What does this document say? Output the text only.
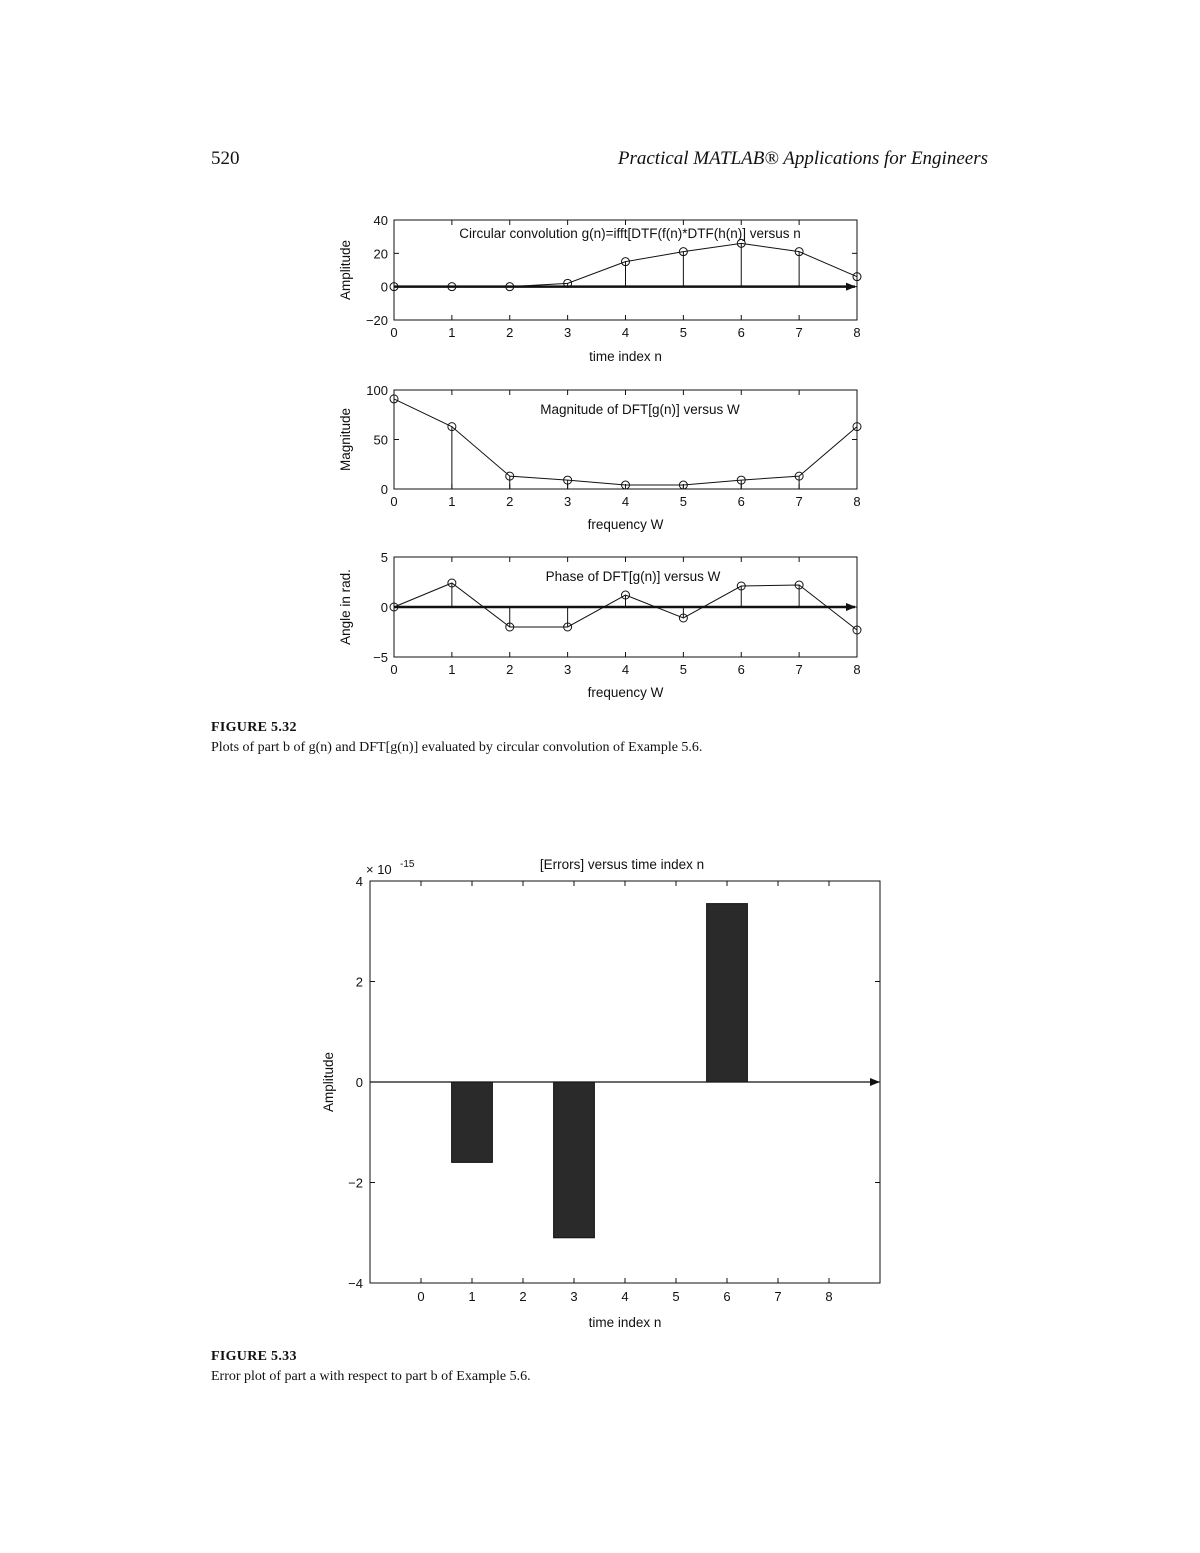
520	Practical MATLAB® Applications for Engineers
0	1	2	3	4	5	6	7	8
−20
0
20
40
Circular convolution g(n)=ifft[DTF(f(n)*DTF(h(n)] versus n
time index n
Amplitude
0	1	2	3	4	5	6	7	8
0
50
100
Magnitude of DFT[g(n)] versus W
frequency W
Magnitude
0	1	2	3	4	5	6	7	8
−5
0
5
Phase of DFT[g(n)] versus W
frequency W
Angle in rad.
0	1	2	3	4	5	6	7	8
−4
−2
0
2
4
[Errors] versus time index n
× 10 -15
time index n
Amplitude
FIGURE 5.32
Plots of part b of g(n) and DFT[g(n)] evaluated by circular convolution of Example 5.6.
FIGURE 5.33
Error plot of part a with respect to part b of Example 5.6.
